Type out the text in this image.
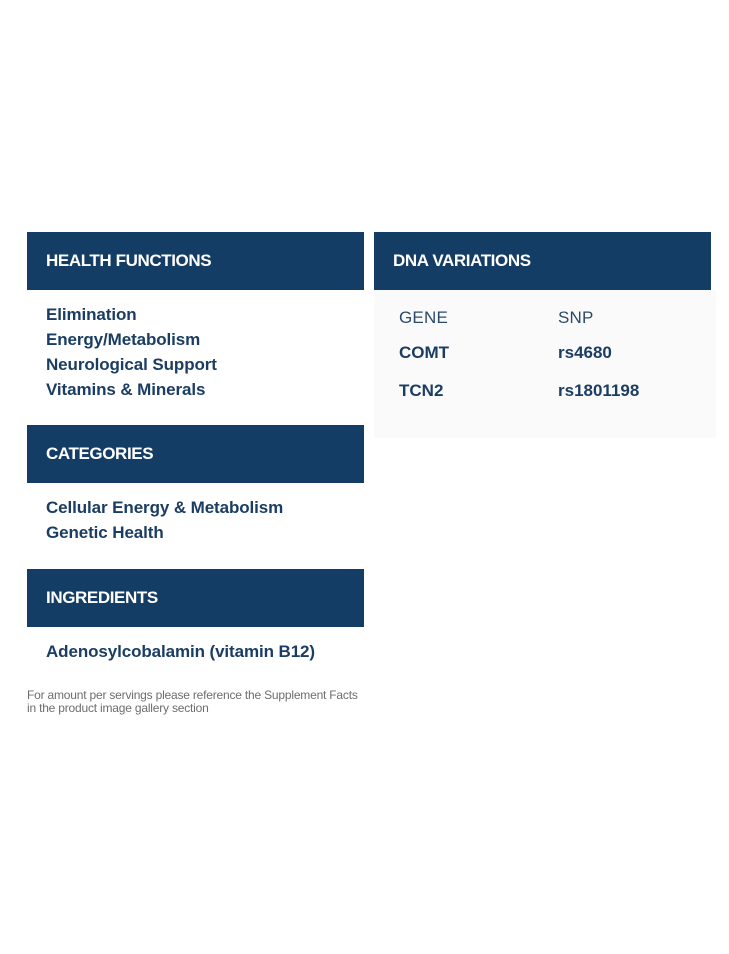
HEALTH FUNCTIONS
Elimination
Energy/Metabolism
Neurological Support
Vitamins & Minerals
CATEGORIES
Cellular Energy & Metabolism
Genetic Health
INGREDIENTS
Adenosylcobalamin (vitamin B12)

For amount per servings please reference the Supplement Facts in the product image gallery section

DNA VARIATIONS
GENE	SNP
COMT	rs4680
TCN2	rs1801198
